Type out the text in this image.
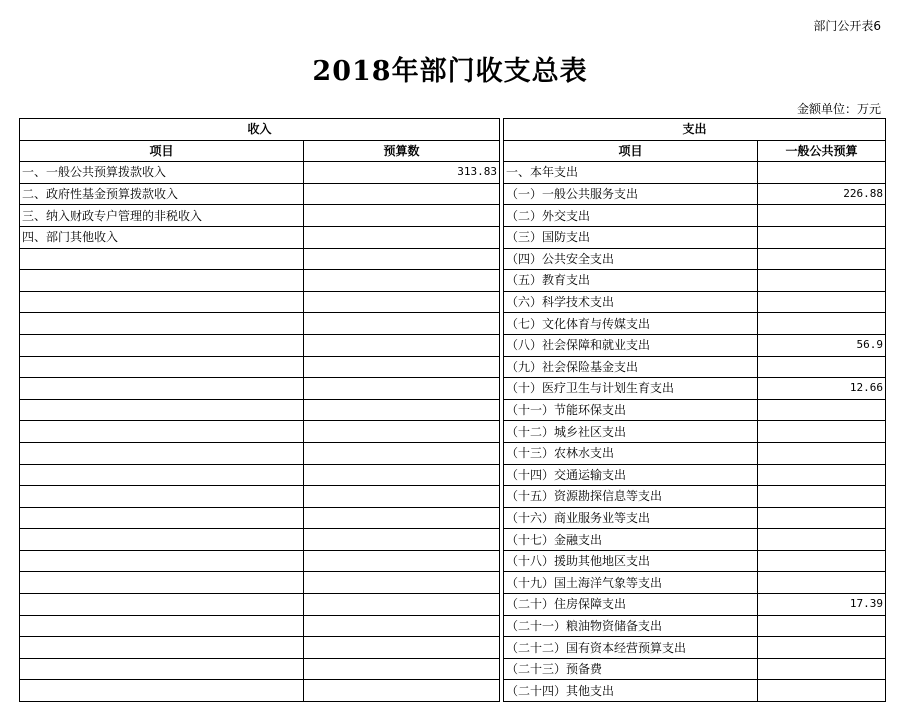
部门公开表6
2018年部门收支总表
金额单位：万元
收入			支出	
项目	预算数		项目	一般公共预算
一、一般公共预算拨款收入	313.83		一、本年支出	
二、政府性基金预算拨款收入			（一）一般公共服务支出	226.88
三、纳入财政专户管理的非税收入			（二）外交支出	
四、部门其他收入			（三）国防支出	
			（四）公共安全支出	
			（五）教育支出	
			（六）科学技术支出	
			（七）文化体育与传媒支出	
			（八）社会保障和就业支出	56.9
			（九）社会保险基金支出	
			（十）医疗卫生与计划生育支出	12.66
			（十一）节能环保支出	
			（十二）城乡社区支出	
			（十三）农林水支出	
			（十四）交通运输支出	
			（十五）资源勘探信息等支出	
			（十六）商业服务业等支出	
			（十七）金融支出	
			（十八）援助其他地区支出	
			（十九）国土海洋气象等支出	
			（二十）住房保障支出	17.39
			（二十一）粮油物资储备支出	
			（二十二）国有资本经营预算支出	
			（二十三）预备费	
			（二十四）其他支出	
